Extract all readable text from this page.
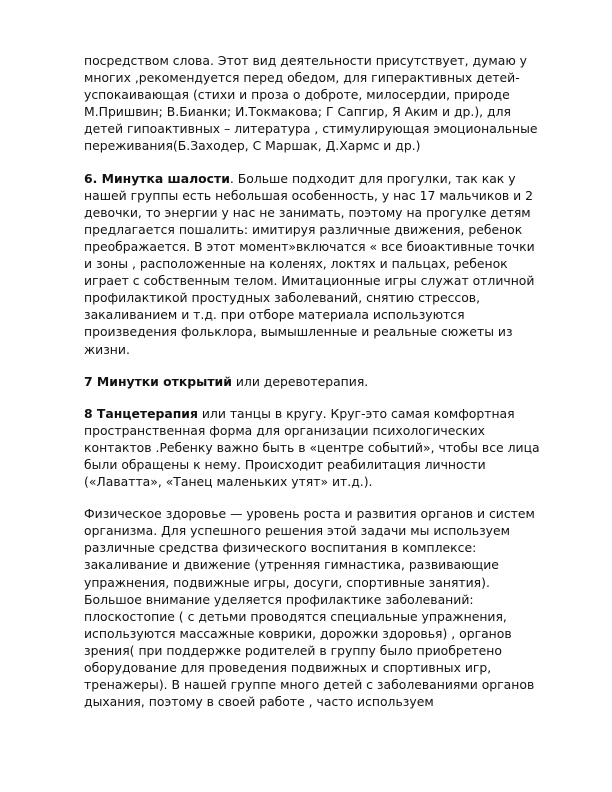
посредством слова. Этот вид деятельности присутствует, думаю у многих ,рекомендуется перед обедом, для гиперактивных детей- успокаивающая (стихи и проза о доброте, милосердии, природе М.Пришвин; В.Бианки; И.Токмакова; Г Сапгир, Я Аким и др.), для детей гипоактивных – литература , стимулирующая эмоциональные переживания(Б.Заходер, С Маршак, Д.Хармс и др.)

6. Минутка шалости. Больше подходит для прогулки, так как у нашей группы есть небольшая особенность, у нас 17 мальчиков и 2 девочки, то энергии у нас не занимать, поэтому на прогулке детям предлагается пошалить: имитируя различные движения, ребенок преображается. В этот момент»включатся « все биоактивные точки и зоны , расположенные на коленях, локтях и пальцах, ребенок играет с собственным телом. Имитационные игры служат отличной профилактикой простудных заболеваний, снятию стрессов, закаливанием и т.д. при отборе материала используются произведения фольклора, вымышленные и реальные сюжеты из жизни.

7 Минутки открытий или деревотерапия.

8 Танцетерапия или танцы в кругу. Круг-это самая комфортная пространственная форма для организации психологических контактов .Ребенку важно быть в «центре событий», чтобы все лица были обращены к нему. Происходит реабилитация личности («Лаватта», «Танец маленьких утят» ит.д.).

Физическое здоровье — уровень роста и развития органов и систем организма. Для успешного решения этой задачи мы используем различные средства физического воспитания в комплексе: закаливание и движение (утренняя гимнастика, развивающие упражнения, подвижные игры, досуги, спортивные занятия). Большое внимание уделяется профилактике заболеваний: плоскостопие ( с детьми проводятся специальные упражнения, используются массажные коврики, дорожки здоровья) , органов зрения( при поддержке родителей в группу было приобретено оборудование для проведения подвижных и спортивных игр, тренажеры). В нашей группе много детей с заболеваниями органов дыхания, поэтому в своей работе , часто используем
